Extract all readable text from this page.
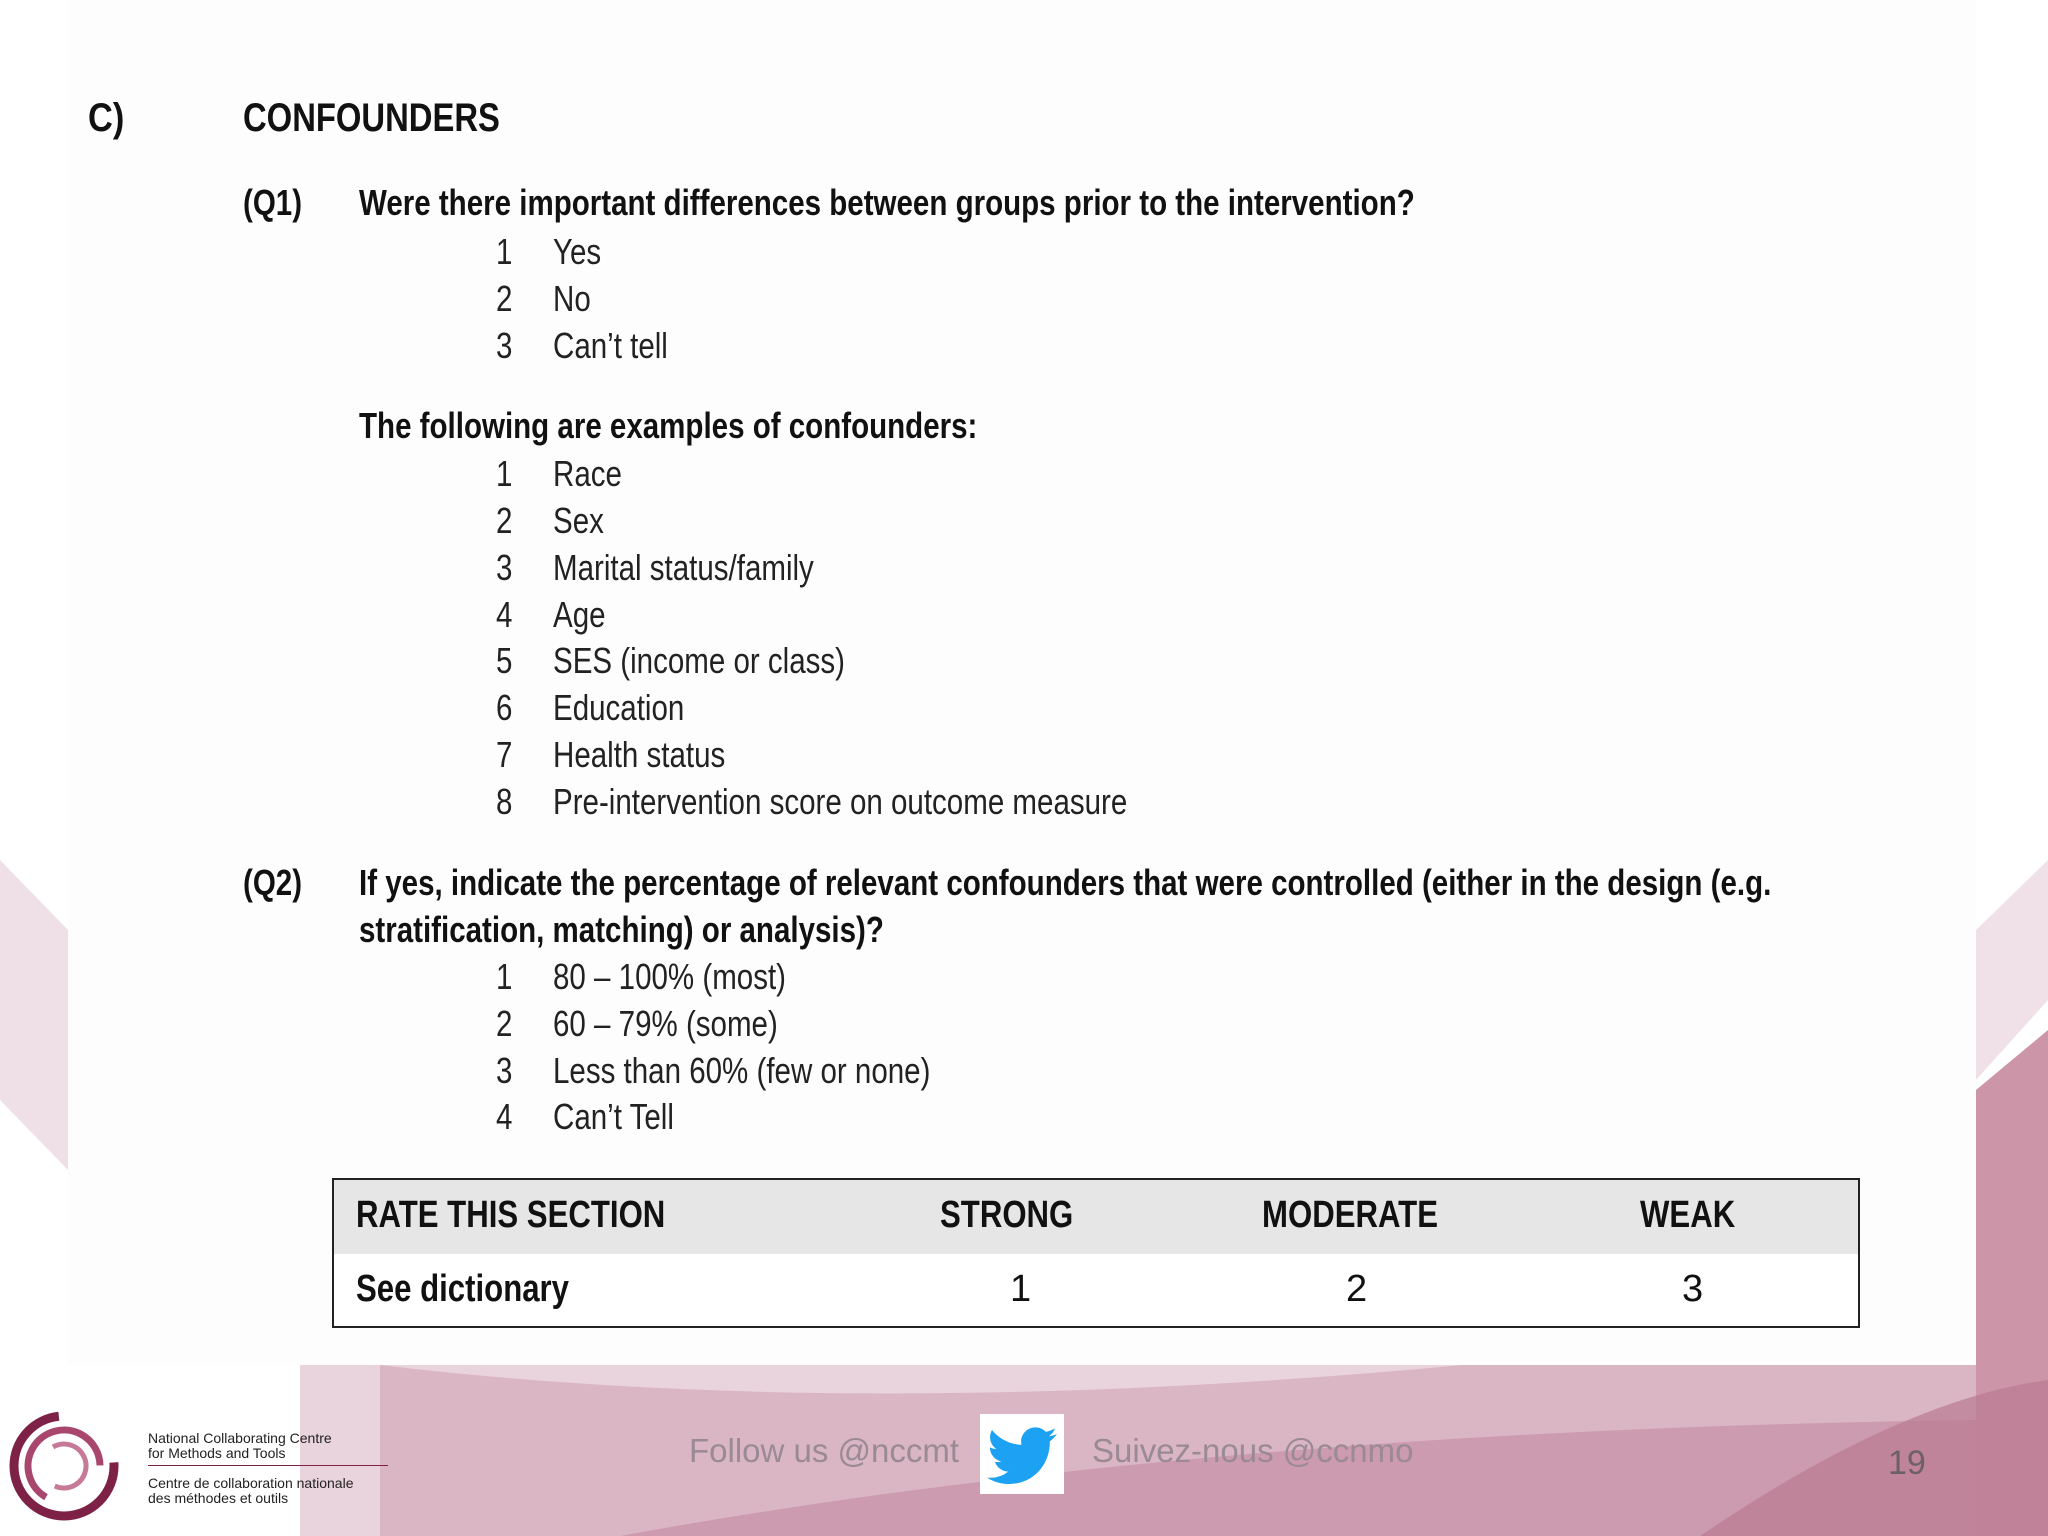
C)	CONFOUNDERS
(Q1) Were there important differences between groups prior to the intervention?
1 Yes
2 No
3 Can’t tell
The following are examples of confounders:
1 Race
2 Sex
3 Marital status/family
4 Age
5 SES (income or class)
6 Education
7 Health status
8 Pre-intervention score on outcome measure
(Q2) If yes, indicate the percentage of relevant confounders that were controlled (either in the design (e.g.
stratification, matching) or analysis)?
1 80 – 100% (most)
2 60 – 79% (some)
3 Less than 60% (few or none)
4 Can’t Tell
RATE THIS SECTION	STRONG	MODERATE	WEAK
See dictionary	1	2	3
National Collaborating Centre
for Methods and Tools
Centre de collaboration nationale
des méthodes et outils
Follow us @nccmt	Suivez-nous @ccnmo	19
